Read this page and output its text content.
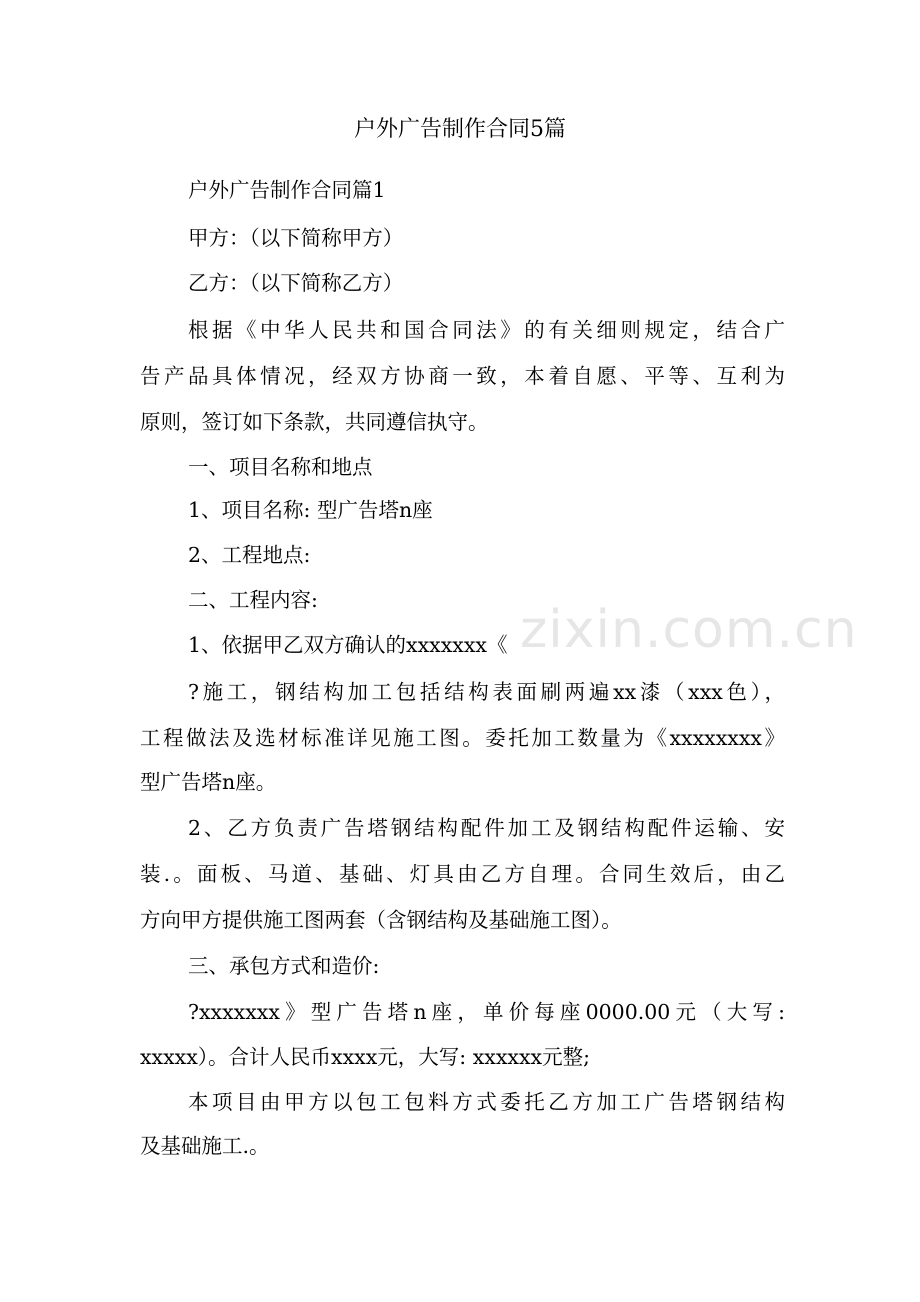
zixin.com.cn
户外广告制作合同5篇
户外广告制作合同篇1
甲方：（以下简称甲方）
乙方：（以下简称乙方）
根据《中华人民共和国合同法》的有关细则规定，结合广
告产品具体情况，经双方协商一致，本着自愿、平等、互利为
原则，签订如下条款，共同遵信执守。
一、项目名称和地点
1、项目名称: 型广告塔n座
2、工程地点:
二、工程内容:
1、依据甲乙双方确认的xxxxxxx《
?施工，钢结构加工包括结构表面刷两遍xx漆（xxx色），
工程做法及选材标准详见施工图。委托加工数量为《xxxxxxxx》
型广告塔n座。
2、乙方负责广告塔钢结构配件加工及钢结构配件运输、安
装.。面板、马道、基础、灯具由乙方自理。合同生效后，由乙
方向甲方提供施工图两套（含钢结构及基础施工图）。
三、承包方式和造价:
?xxxxxxx》型广告塔n座，单价每座0000.00元（大写:
xxxxx）。合计人民币xxxx元，大写: xxxxxx元整;
本项目由甲方以包工包料方式委托乙方加工广告塔钢结构
及基础施工.。
